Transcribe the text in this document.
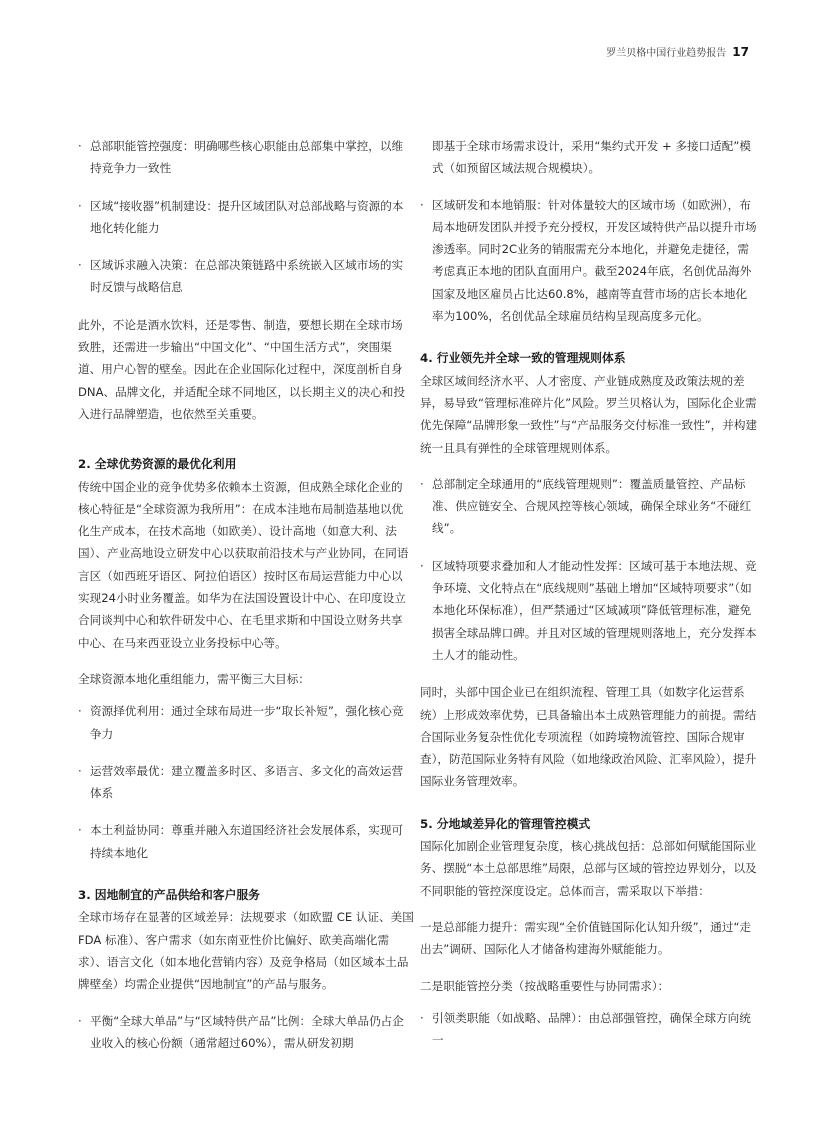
罗兰贝格中国行业趋势报告 17
· 总部职能管控强度：明确哪些核心职能由总部集中掌控，以维持竞争力一致性
· 区域“接收器”机制建设：提升区域团队对总部战略与资源的本地化转化能力
· 区域诉求融入决策：在总部决策链路中系统嵌入区域市场的实时反馈与战略信息
此外，不论是酒水饮料，还是零售、制造，要想长期在全球市场致胜，还需进一步输出“中国文化”、“中国生活方式”，突围渠道、用户心智的壁垒。因此在企业国际化过程中，深度剖析自身DNA、品牌文化，并适配全球不同地区，以长期主义的决心和投入进行品牌塑造，也依然至关重要。
2. 全球优势资源的最优化利用
传统中国企业的竞争优势多依赖本土资源，但成熟全球化企业的核心特征是“全球资源为我所用”：在成本洼地布局制造基地以优化生产成本，在技术高地（如欧美）、设计高地（如意大利、法国）、产业高地设立研发中心以获取前沿技术与产业协同，在同语言区（如西班牙语区、阿拉伯语区）按时区布局运营能力中心以实现24小时业务覆盖。如华为在法国设置设计中心、在印度设立合同谈判中心和软件研发中心、在毛里求斯和中国设立财务共享中心、在马来西亚设立业务投标中心等。
全球资源本地化重组能力，需平衡三大目标：
· 资源择优利用：通过全球布局进一步“取长补短”，强化核心竞争力
· 运营效率最优：建立覆盖多时区、多语言、多文化的高效运营体系
· 本土利益协同：尊重并融入东道国经济社会发展体系，实现可持续本地化
3. 因地制宜的产品供给和客户服务
全球市场存在显著的区域差异：法规要求（如欧盟 CE 认证、美国 FDA 标准）、客户需求（如东南亚性价比偏好、欧美高端化需求）、语言文化（如本地化营销内容）及竞争格局（如区域本土品牌壁垒）均需企业提供“因地制宜”的产品与服务。
· 平衡“全球大单品”与“区域特供产品”比例：全球大单品仍占企业收入的核心份额（通常超过60%），需从研发初期
即基于全球市场需求设计，采用“集约式开发 + 多接口适配”模式（如预留区域法规合规模块）。
· 区域研发和本地销服：针对体量较大的区域市场（如欧洲），布局本地研发团队并授予充分授权，开发区域特供产品以提升市场渗透率。同时2C业务的销服需充分本地化，并避免走捷径，需考虑真正本地的团队直面用户。截至2024年底，名创优品海外国家及地区雇员占比达60.8%，越南等直营市场的店长本地化率为100%，名创优品全球雇员结构呈现高度多元化。
4. 行业领先并全球一致的管理规则体系
全球区域间经济水平、人才密度、产业链成熟度及政策法规的差异，易导致“管理标准碎片化”风险。罗兰贝格认为，国际化企业需优先保障“品牌形象一致性”与“产品服务交付标准一致性”，并构建统一且具有弹性的全球管理规则体系。
· 总部制定全球通用的“底线管理规则”：覆盖质量管控、产品标准、供应链安全、合规风控等核心领域，确保全球业务“不碰红线”。
· 区域特项要求叠加和人才能动性发挥：区域可基于本地法规、竞争环境、文化特点在“底线规则”基础上增加“区域特项要求”（如本地化环保标准），但严禁通过“区域减项”降低管理标准，避免损害全球品牌口碑。并且对区域的管理规则落地上，充分发挥本土人才的能动性。
同时，头部中国企业已在组织流程、管理工具（如数字化运营系统）上形成效率优势，已具备输出本土成熟管理能力的前提。需结合国际业务复杂性优化专项流程（如跨境物流管控、国际合规审查），防范国际业务特有风险（如地缘政治风险、汇率风险），提升国际业务管理效率。
5. 分地域差异化的管理管控模式
国际化加剧企业管理复杂度，核心挑战包括：总部如何赋能国际业务、摆脱“本土总部思维”局限，总部与区域的管控边界划分，以及不同职能的管控深度设定。总体而言，需采取以下举措：
一是总部能力提升：需实现“全价值链国际化认知升级”，通过“走出去”调研、国际化人才储备构建海外赋能能力。
二是职能管控分类（按战略重要性与协同需求）：
· 引领类职能（如战略、品牌）：由总部强管控，确保全球方向统一
